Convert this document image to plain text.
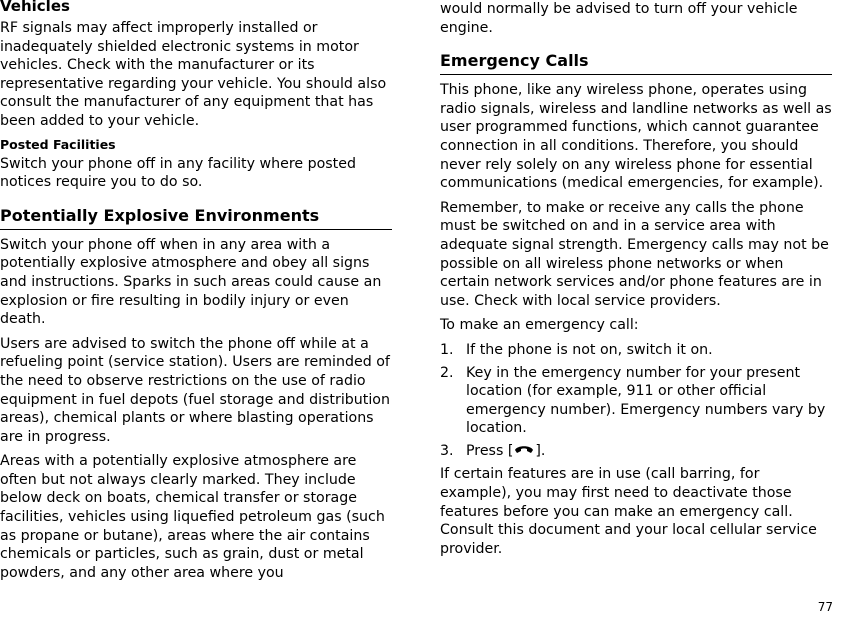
Vehicles

RF signals may affect improperly installed or inadequately shielded electronic systems in motor vehicles. Check with the manufacturer or its representative regarding your vehicle. You should also consult the manufacturer of any equipment that has been added to your vehicle.

Posted Facilities

Switch your phone off in any facility where posted notices require you to do so.

Potentially Explosive Environments

Switch your phone off when in any area with a potentially explosive atmosphere and obey all signs and instructions. Sparks in such areas could cause an explosion or fire resulting in bodily injury or even death.

Users are advised to switch the phone off while at a refueling point (service station). Users are reminded of the need to observe restrictions on the use of radio equipment in fuel depots (fuel storage and distribution areas), chemical plants or where blasting operations are in progress.

Areas with a potentially explosive atmosphere are often but not always clearly marked. They include below deck on boats, chemical transfer or storage facilities, vehicles using liquefied petroleum gas (such as propane or butane), areas where the air contains chemicals or particles, such as grain, dust or metal powders, and any other area where you

would normally be advised to turn off your vehicle engine.

Emergency Calls

This phone, like any wireless phone, operates using radio signals, wireless and landline networks as well as user programmed functions, which cannot guarantee connection in all conditions. Therefore, you should never rely solely on any wireless phone for essential communications (medical emergencies, for example).

Remember, to make or receive any calls the phone must be switched on and in a service area with adequate signal strength. Emergency calls may not be possible on all wireless phone networks or when certain network services and/or phone features are in use. Check with local service providers.

To make an emergency call:

1. If the phone is not on, switch it on.
2. Key in the emergency number for your present location (for example, 911 or other official emergency number). Emergency numbers vary by location.
3. Press [ ].

If certain features are in use (call barring, for example), you may first need to deactivate those features before you can make an emergency call. Consult this document and your local cellular service provider.

77
